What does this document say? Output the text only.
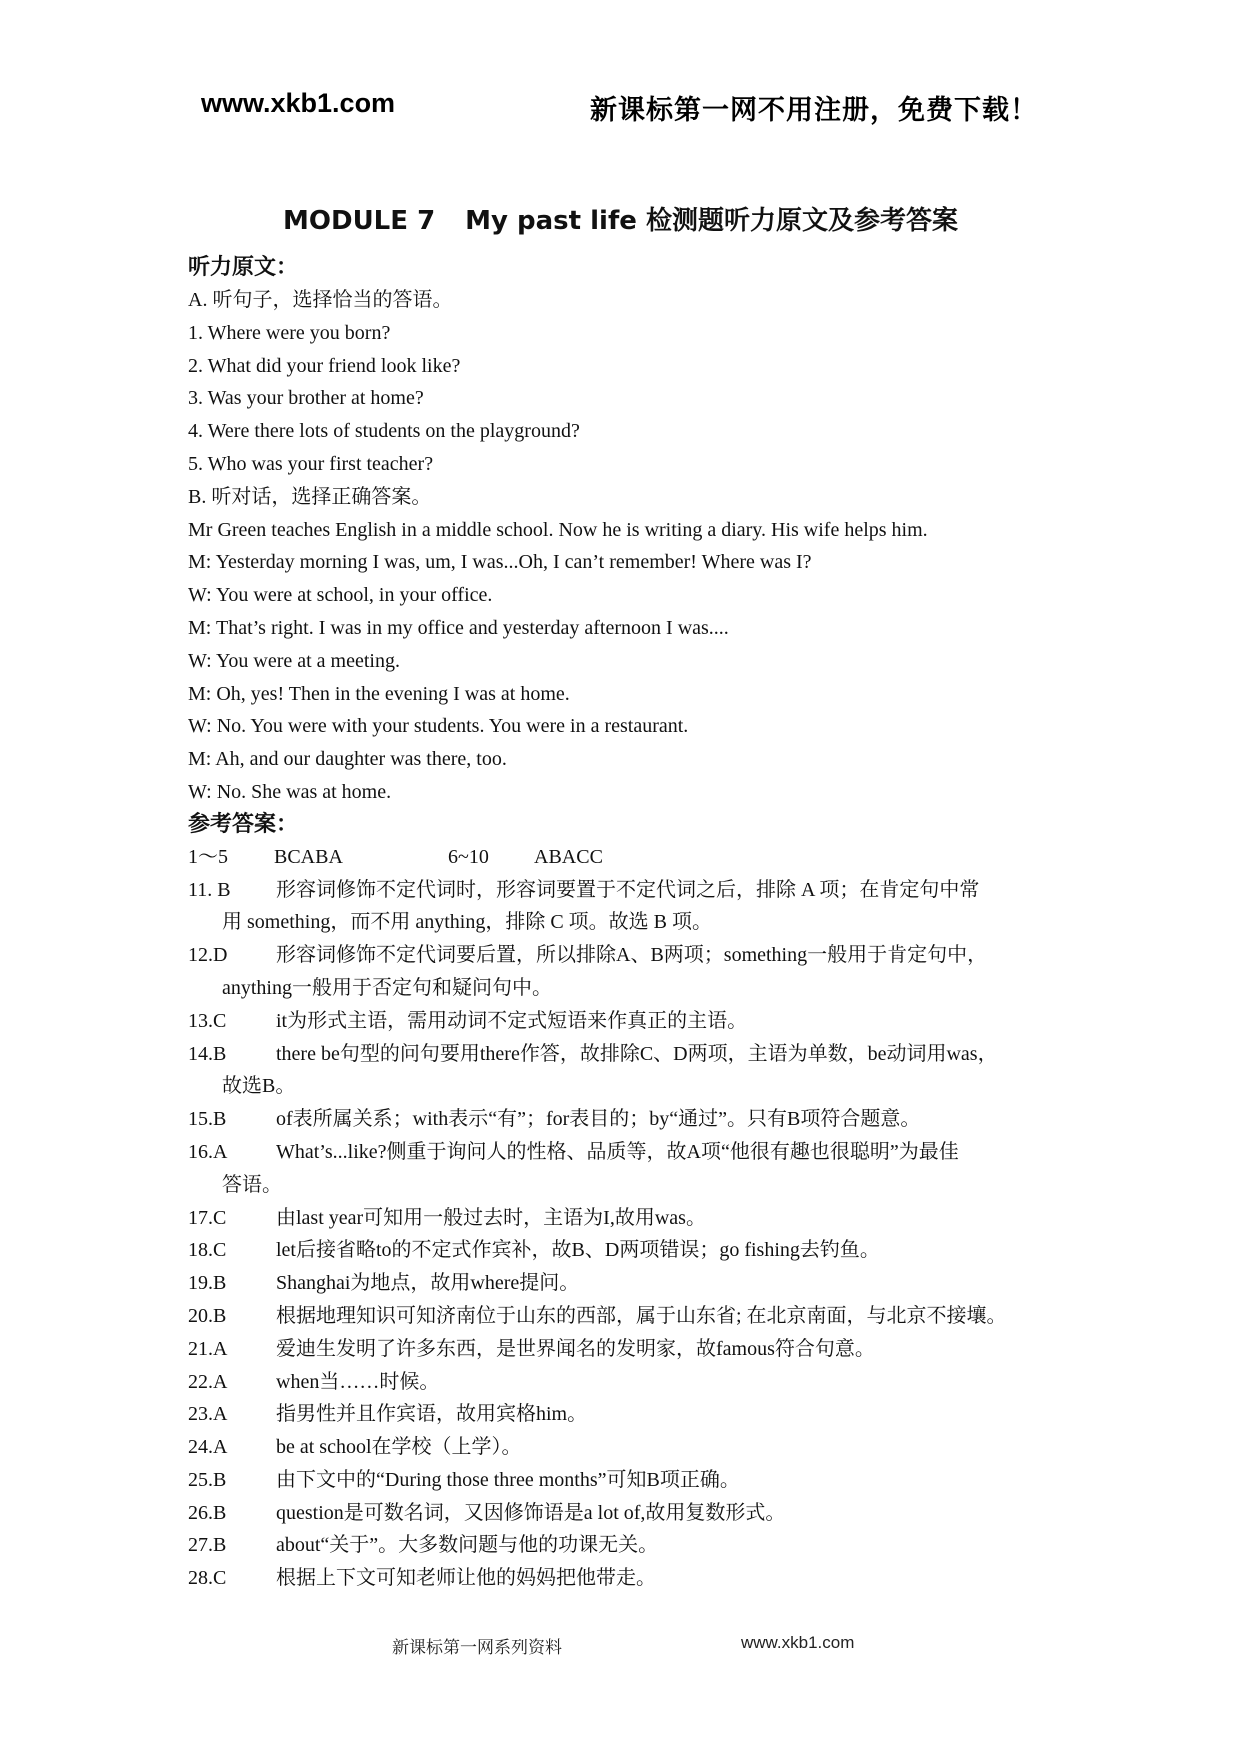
www.xkb1.com	新课标第一网不用注册，免费下载！
MODULE 7 My past life 检测题听力原文及参考答案
听力原文：
A. 听句子，选择恰当的答语。
1. Where were you born?
2. What did your friend look like?
3. Was your brother at home?
4. Were there lots of students on the playground?
5. Who was your first teacher?
B. 听对话，选择正确答案。
Mr Green teaches English in a middle school. Now he is writing a diary. His wife helps him.
M: Yesterday morning I was, um, I was...Oh, I can’t remember! Where was I?
W: You were at school, in your office.
M: That’s right. I was in my office and yesterday afternoon I was....
W: You were at a meeting.
M: Oh, yes! Then in the evening I was at home.
W: No. You were with your students. You were in a restaurant.
M: Ah, and our daughter was there, too.
W: No. She was at home.
参考答案：
1～5	BCABA	6~10	ABACC
11. B	形容词修饰不定代词时，形容词要置于不定代词之后，排除 A 项；在肯定句中常
用 something，而不用 anything，排除 C 项。故选 B 项。
12.D	形容词修饰不定代词要后置，所以排除A、B两项；something一般用于肯定句中，
anything一般用于否定句和疑问句中。
13.C	it为形式主语，需用动词不定式短语来作真正的主语。
14.B	there be句型的问句要用there作答，故排除C、D两项，主语为单数，be动词用was，
故选B。
15.B	of表所属关系；with表示“有”；for表目的；by“通过”。只有B项符合题意。
16.A	What’s...like?侧重于询问人的性格、品质等，故A项“他很有趣也很聪明”为最佳
答语。
17.C	由last year可知用一般过去时，主语为I,故用was。
18.C	let后接省略to的不定式作宾补，故B、D两项错误；go fishing去钓鱼。
19.B	Shanghai为地点，故用where提问。
20.B	根据地理知识可知济南位于山东的西部，属于山东省; 在北京南面，与北京不接壤。
21.A	爱迪生发明了许多东西，是世界闻名的发明家，故famous符合句意。
22.A	when当……时候。
23.A	指男性并且作宾语，故用宾格him。
24.A	be at school在学校（上学）。
25.B	由下文中的“During those three months”可知B项正确。
26.B	question是可数名词，又因修饰语是a lot of,故用复数形式。
27.B	about“关于”。大多数问题与他的功课无关。
28.C	根据上下文可知老师让他的妈妈把他带走。
新课标第一网系列资料	www.xkb1.com
